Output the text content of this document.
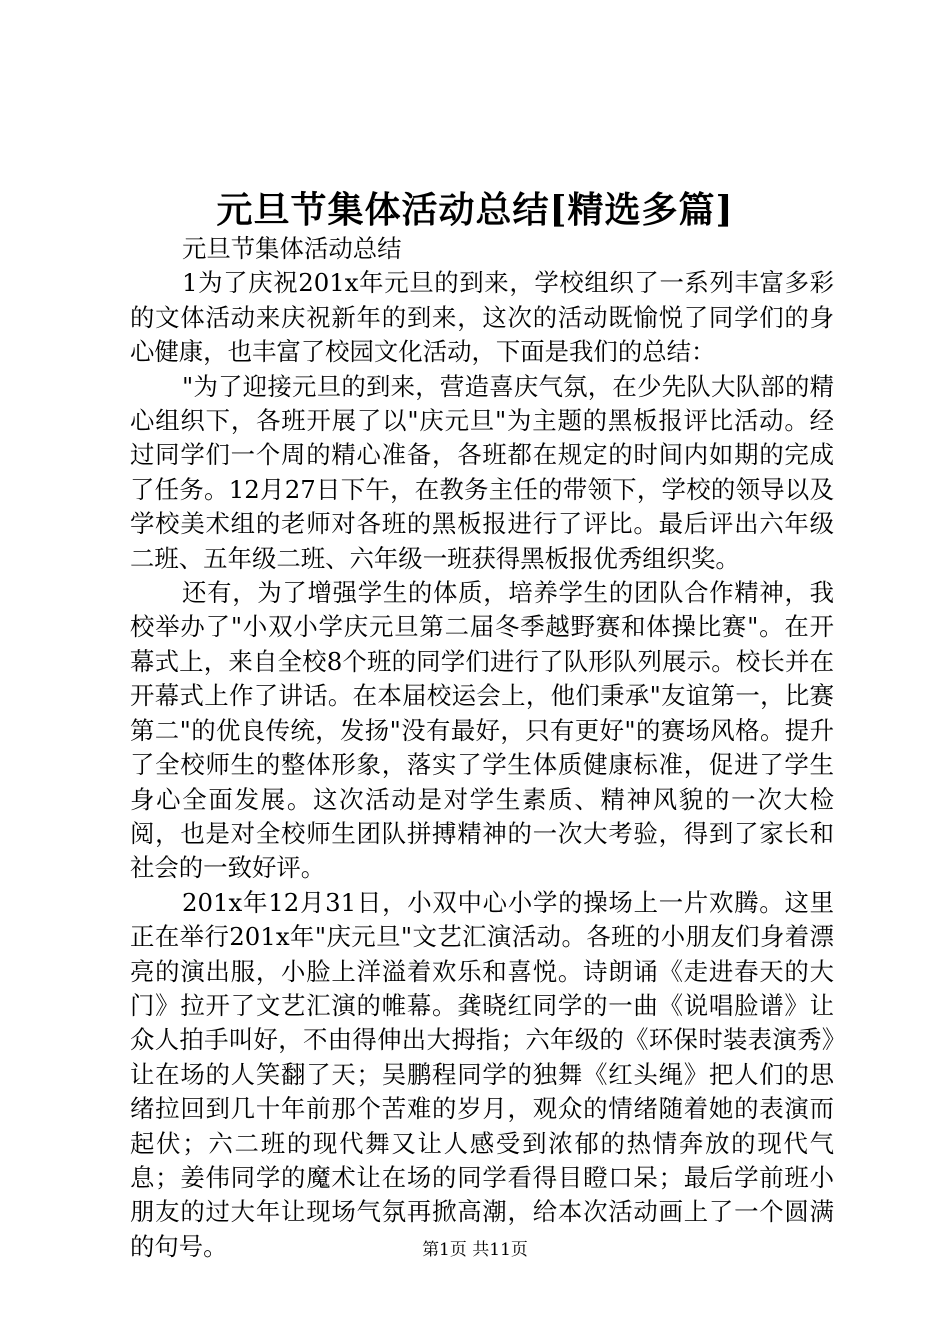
元旦节集体活动总结[精选多篇]

元旦节集体活动总结

1为了庆祝201x年元旦的到来，学校组织了一系列丰富多彩的文体活动来庆祝新年的到来，这次的活动既愉悦了同学们的身心健康，也丰富了校园文化活动，下面是我们的总结：

"为了迎接元旦的到来，营造喜庆气氛，在少先队大队部的精心组织下，各班开展了以"庆元旦"为主题的黑板报评比活动。经过同学们一个周的精心准备，各班都在规定的时间内如期的完成了任务。12月27日下午，在教务主任的带领下，学校的领导以及学校美术组的老师对各班的黑板报进行了评比。最后评出六年级二班、五年级二班、六年级一班获得黑板报优秀组织奖。

还有，为了增强学生的体质，培养学生的团队合作精神，我校举办了"小双小学庆元旦第二届冬季越野赛和体操比赛"。在开幕式上，来自全校8个班的同学们进行了队形队列展示。校长并在开幕式上作了讲话。在本届校运会上，他们秉承"友谊第一，比赛第二"的优良传统，发扬"没有最好，只有更好"的赛场风格。提升了全校师生的整体形象，落实了学生体质健康标准，促进了学生身心全面发展。这次活动是对学生素质、精神风貌的一次大检阅，也是对全校师生团队拼搏精神的一次大考验，得到了家长和社会的一致好评。

201x年12月31日，小双中心小学的操场上一片欢腾。这里正在举行201x年"庆元旦"文艺汇演活动。各班的小朋友们身着漂亮的演出服，小脸上洋溢着欢乐和喜悦。诗朗诵《走进春天的大门》拉开了文艺汇演的帷幕。龚晓红同学的一曲《说唱脸谱》让众人拍手叫好，不由得伸出大拇指；六年级的《环保时装表演秀》让在场的人笑翻了天；吴鹏程同学的独舞《红头绳》把人们的思绪拉回到几十年前那个苦难的岁月，观众的情绪随着她的表演而起伏；六二班的现代舞又让人感受到浓郁的热情奔放的现代气息；姜伟同学的魔术让在场的同学看得目瞪口呆；最后学前班小朋友的过大年让现场气氛再掀高潮，给本次活动画上了一个圆满的句号。	第1页 共11页
